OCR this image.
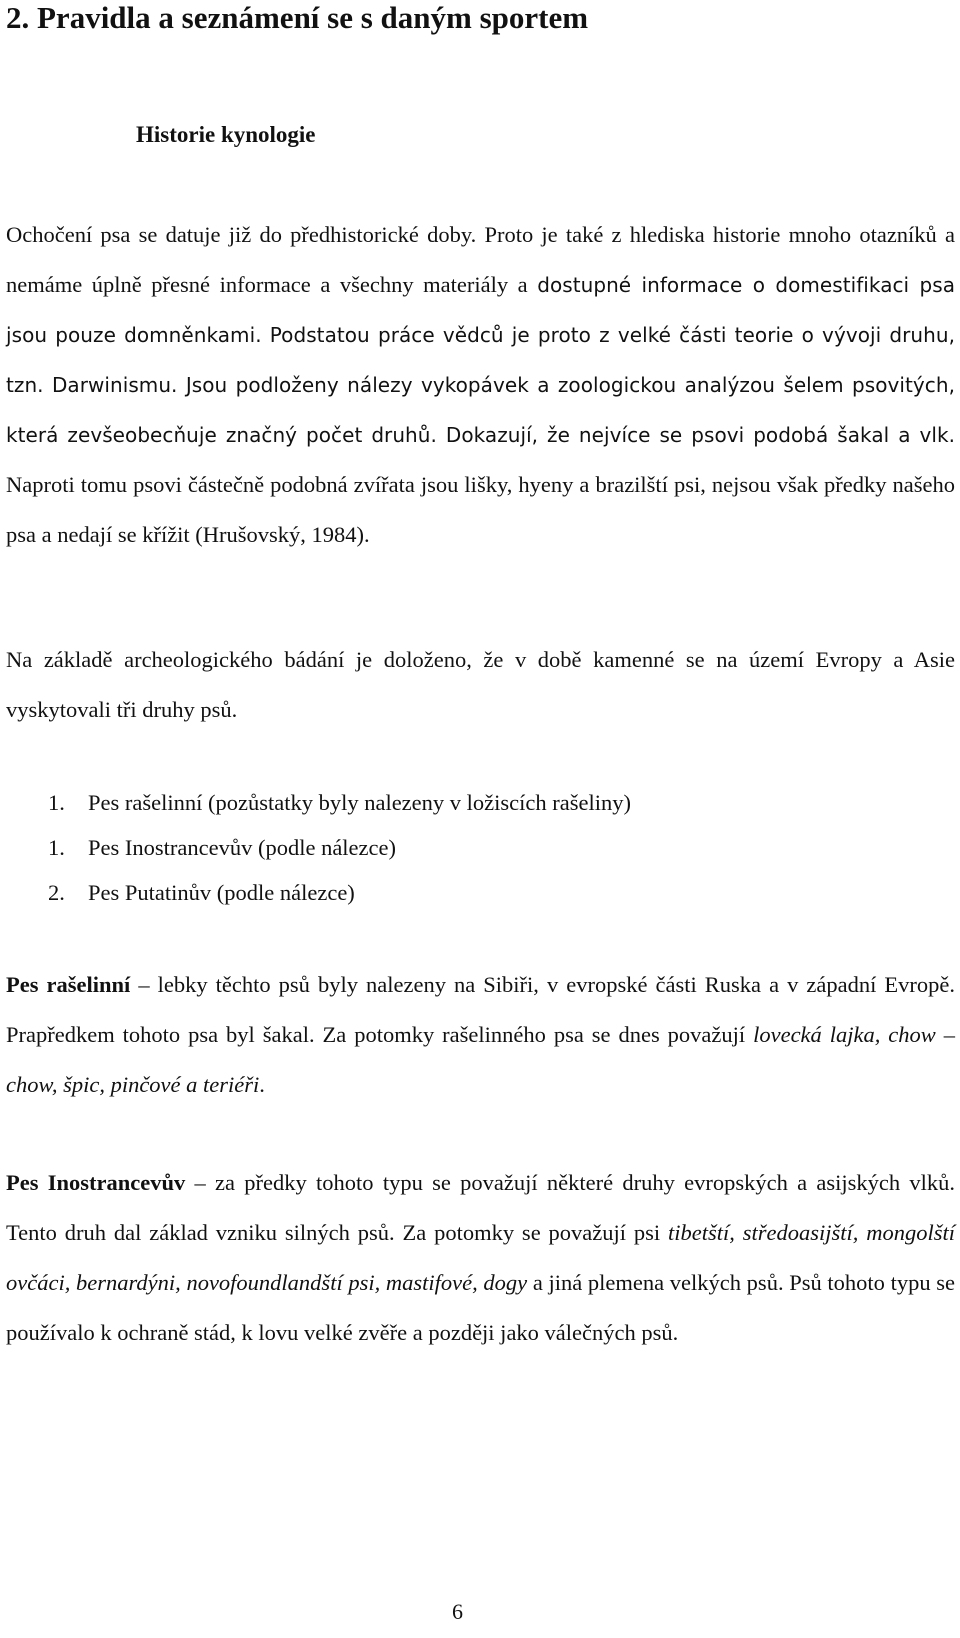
2. Pravidla a seznámení se s daným sportem
Historie kynologie

Ochočení psa se datuje již do předhistorické doby. Proto je také z hlediska historie mnoho otazníků a nemáme úplně přesné informace a všechny materiály a dostupné informace o domestifikaci psa jsou pouze domněnkami. Podstatou práce vědců je proto z velké části teorie o vývoji druhu, tzn. Darwinismu. Jsou podloženy nálezy vykopávek a zoologickou analýzou šelem psovitých, která zevšeobecňuje značný počet druhů. Dokazují, že nejvíce se psovi podobá šakal a vlk. Naproti tomu psovi částečně podobná zvířata jsou lišky, hyeny a brazilští psi, nejsou však předky našeho psa a nedají se křížit (Hrušovský, 1984).

Na základě archeologického bádání je doloženo, že v době kamenné se na území Evropy a Asie vyskytovali tři druhy psů.

1. Pes rašelinní (pozůstatky byly nalezeny v ložiscích rašeliny)
1. Pes Inostrancevův (podle nálezce)
2. Pes Putatinův (podle nálezce)

Pes rašelinní – lebky těchto psů byly nalezeny na Sibiři, v evropské části Ruska a v západní Evropě. Prapředkem tohoto psa byl šakal. Za potomky rašelinného psa se dnes považují lovecká lajka, chow – chow, špic, pinčové a teriéři.

Pes Inostrancevův – za předky tohoto typu se považují některé druhy evropských a asijských vlků. Tento druh dal základ vzniku silných psů. Za potomky se považují psi tibetští, středoasijští, mongolští ovčáci, bernardýni, novofoundlandští psi, mastifové, dogy a jiná plemena velkých psů. Psů tohoto typu se používalo k ochraně stád, k lovu velké zvěře a později jako válečných psů.

6
